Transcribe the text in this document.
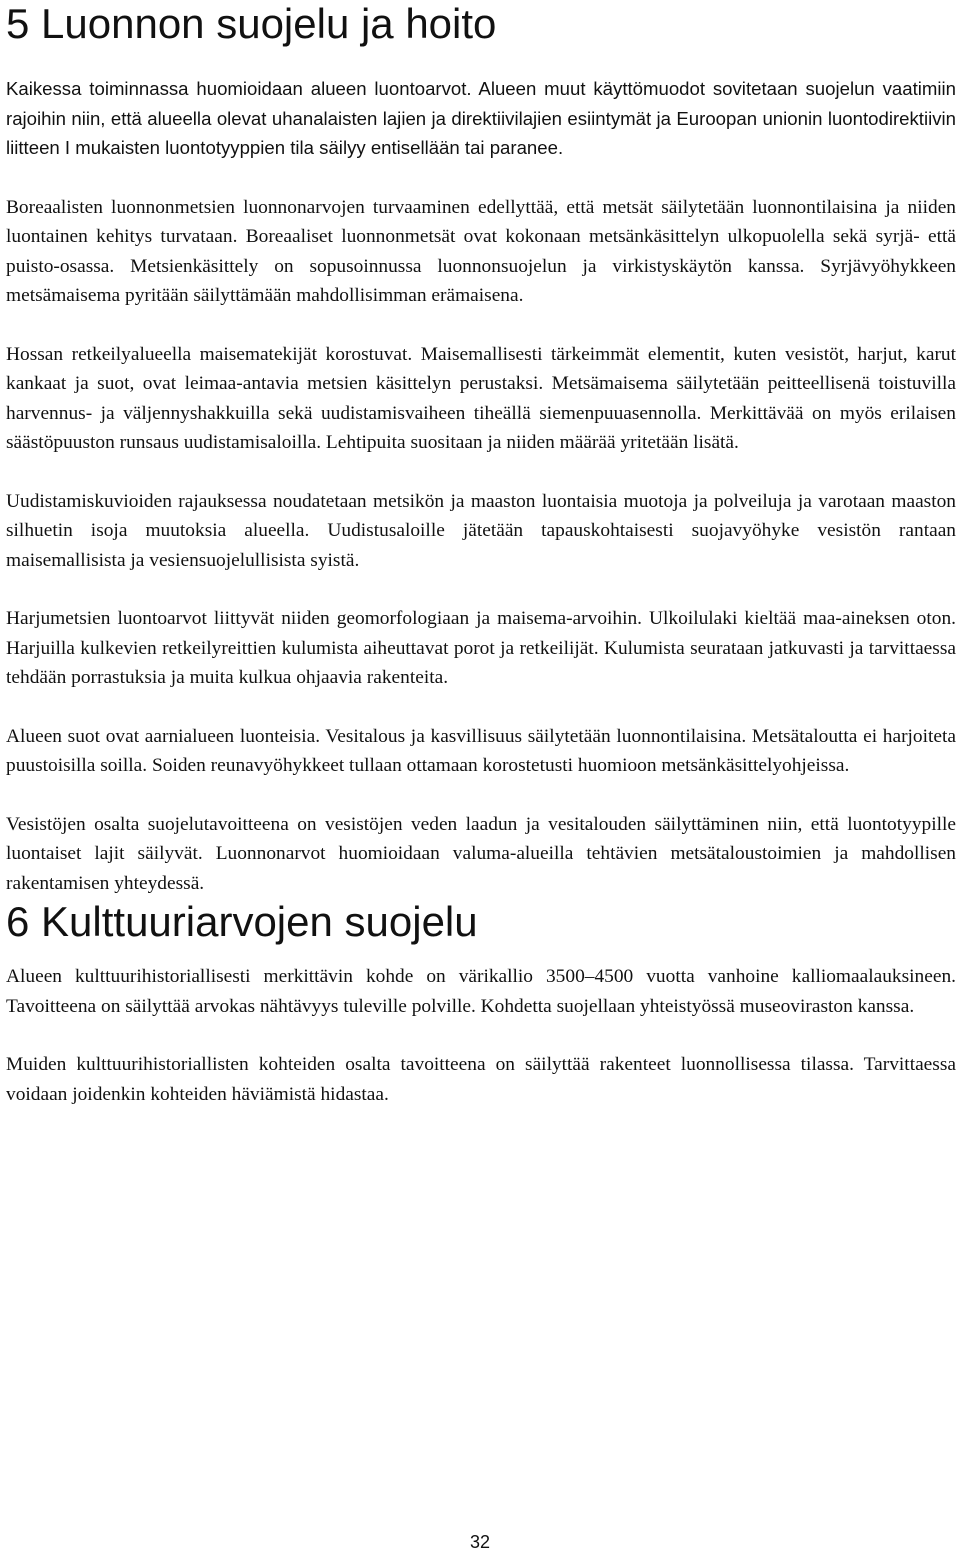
5 Luonnon suojelu ja hoito

Kaikessa toiminnassa huomioidaan alueen luontoarvot. Alueen muut käyttömuodot sovitetaan suojelun vaatimiin rajoihin niin, että alueella olevat uhanalaisten lajien ja direktiivilajien esiintymät ja Euroopan unionin luontodirektiivin liitteen I mukaisten luontotyyppien tila säilyy entisellään tai paranee.

Boreaalisten luonnonmetsien luonnonarvojen turvaaminen edellyttää, että metsät säilytetään luonnontilaisina ja niiden luontainen kehitys turvataan. Boreaaliset luonnonmetsät ovat kokonaan metsänkäsittelyn ulkopuolella sekä syrjä- että puisto-osassa. Metsienkäsittely on sopusoinnussa luonnonsuojelun ja virkistyskäytön kanssa. Syrjävyöhykkeen metsämaisema pyritään säilyttämään mahdollisimman erämaisena.

Hossan retkeilyalueella maisematekijät korostuvat. Maisemallisesti tärkeimmät elementit, kuten vesistöt, harjut, karut kankaat ja suot, ovat leimaa-antavia metsien käsittelyn perustaksi. Metsämaisema säilytetään peitteellisenä toistuvilla harvennus- ja väljennyshakkuilla sekä uudistamisvaiheen tiheällä siemenpuuasennolla. Merkittävää on myös erilaisen säästöpuuston runsaus uudistamisaloilla. Lehtipuita suositaan ja niiden määrää yritetään lisätä.

Uudistamiskuvioiden rajauksessa noudatetaan metsikön ja maaston luontaisia muotoja ja polveiluja ja varotaan maaston silhuetin isoja muutoksia alueella. Uudistusaloille jätetään tapauskohtaisesti suojavyöhyke vesistön rantaan maisemallisista ja vesiensuojelullisista syistä.

Harjumetsien luontoarvot liittyvät niiden geomorfologiaan ja maisema-arvoihin. Ulkoilulaki kieltää maa-aineksen oton. Harjuilla kulkevien retkeilyreittien kulumista aiheuttavat porot ja retkeilijät. Kulumista seurataan jatkuvasti ja tarvittaessa tehdään porrastuksia ja muita kulkua ohjaavia rakenteita.

Alueen suot ovat aarnialueen luonteisia. Vesitalous ja kasvillisuus säilytetään luonnontilaisina. Metsätaloutta ei harjoiteta puustoisilla soilla. Soiden reunavyöhykkeet tullaan ottamaan korostetusti huomioon metsänkäsittelyohjeissa.

Vesistöjen osalta suojelutavoitteena on vesistöjen veden laadun ja vesitalouden säilyttäminen niin, että luontotyypille luontaiset lajit säilyvät. Luonnonarvot huomioidaan valuma-alueilla tehtävien metsätaloustoimien ja mahdollisen rakentamisen yhteydessä.

6 Kulttuuriarvojen suojelu

Alueen kulttuurihistoriallisesti merkittävin kohde on värikallio 3500–4500 vuotta vanhoine kalliomaalauksineen. Tavoitteena on säilyttää arvokas nähtävyys tuleville polville. Kohdetta suojellaan yhteistyössä museoviraston kanssa.

Muiden kulttuurihistoriallisten kohteiden osalta tavoitteena on säilyttää rakenteet luonnollisessa tilassa. Tarvittaessa voidaan joidenkin kohteiden häviämistä hidastaa.

32
